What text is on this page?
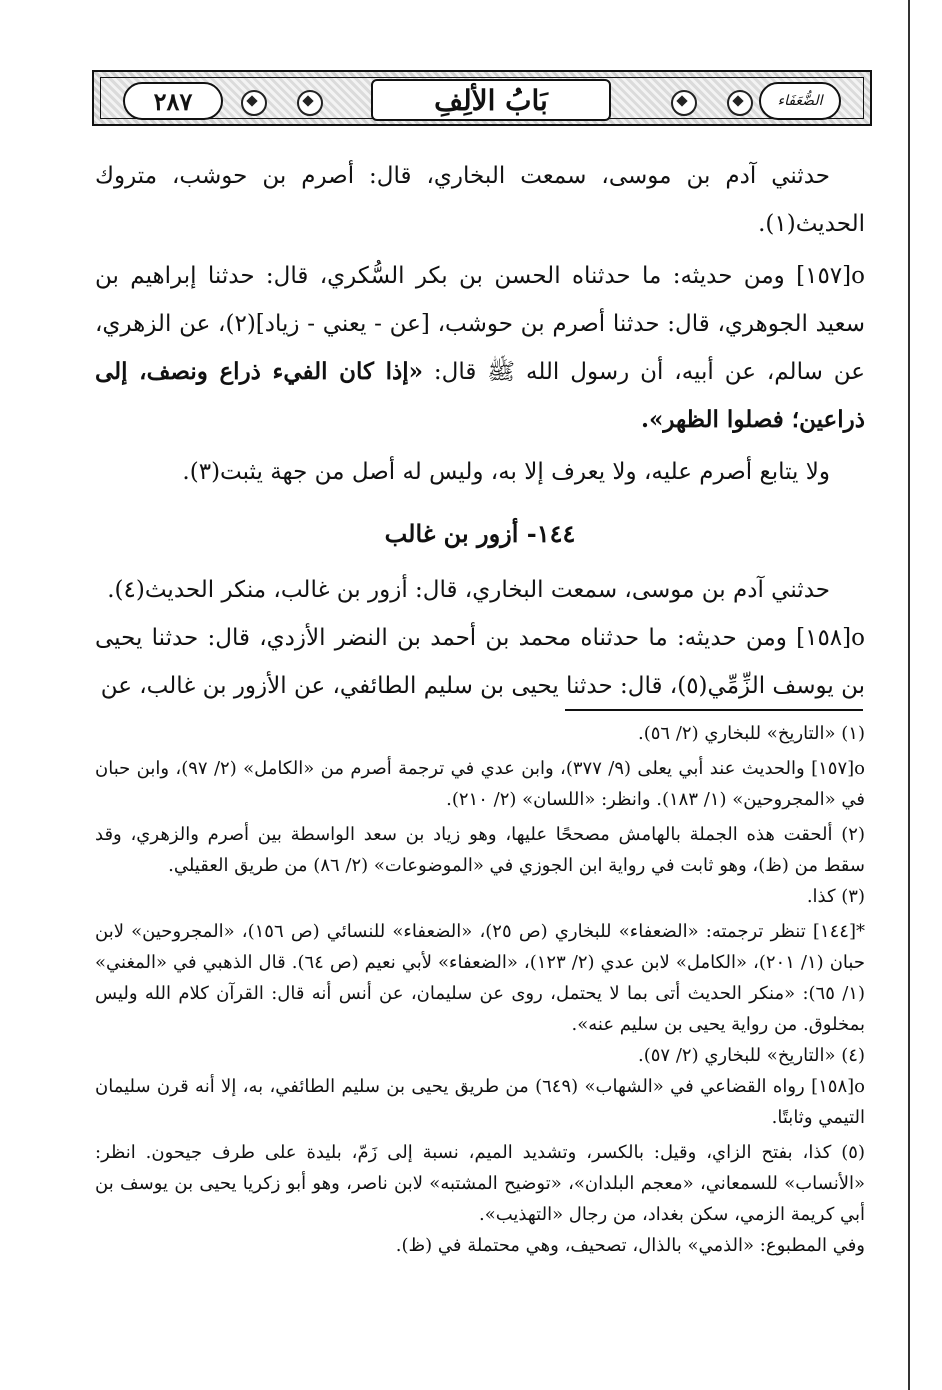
٢٨٧	بَابُ الألِفِ	الضُّعَفَاء

حدثني آدم بن موسى، سمعت البخاري، قال: أصرم بن حوشب، متروك الحديث(١).

o[١٥٧] ومن حديثه: ما حدثناه الحسن بن بكر السُّكري، قال: حدثنا إبراهيم بن سعيد الجوهري، قال: حدثنا أصرم بن حوشب، [عن - يعني - زياد](٢)، عن الزهري، عن سالم، عن أبيه، أن رسول الله ﷺ قال: «إذا كان الفيء ذراع ونصف، إلى ذراعين؛ فصلوا الظهر».

ولا يتابع أصرم عليه، ولا يعرف إلا به، وليس له أصل من جهة يثبت(٣).

١٤٤- أزور بن غالب

حدثني آدم بن موسى، سمعت البخاري، قال: أزور بن غالب، منكر الحديث(٤).

o[١٥٨] ومن حديثه: ما حدثناه محمد بن أحمد بن النضر الأزدي، قال: حدثنا يحيى بن يوسف الزِّمِّي(٥)، قال: حدثنا يحيى بن سليم الطائفي، عن الأزور بن غالب، عن

(١) «التاريخ» للبخاري (٢/ ٥٦).

o[١٥٧] والحديث عند أبي يعلى (٩/ ٣٧٧)، وابن عدي في ترجمة أصرم من «الكامل» (٢/ ٩٧)، وابن حبان في «المجروحين» (١/ ١٨٣). وانظر: «اللسان» (٢/ ٢١٠).

(٢) ألحقت هذه الجملة بالهامش مصححًا عليها، وهو زياد بن سعد الواسطة بين أصرم والزهري، وقد سقط من (ظ)، وهو ثابت في رواية ابن الجوزي في «الموضوعات» (٢/ ٨٦) من طريق العقيلي.

(٣) كذا.

*[١٤٤] تنظر ترجمته: «الضعفاء» للبخاري (ص ٢٥)، «الضعفاء» للنسائي (ص ١٥٦)، «المجروحين» لابن حبان (١/ ٢٠١)، «الكامل» لابن عدي (٢/ ١٢٣)، «الضعفاء» لأبي نعيم (ص ٦٤). قال الذهبي في «المغني» (١/ ٦٥): «منكر الحديث أتى بما لا يحتمل، روى عن سليمان، عن أنس أنه قال: القرآن كلام الله وليس بمخلوق. من رواية يحيى بن سليم عنه».

(٤) «التاريخ» للبخاري (٢/ ٥٧).

o[١٥٨] رواه القضاعي في «الشهاب» (٦٤٩) من طريق يحيى بن سليم الطائفي، به، إلا أنه قرن سليمان التيمي وثابتًا.

(٥) كذا، بفتح الزاي، وقيل: بالكسر، وتشديد الميم، نسبة إلى زَمّ، بليدة على طرف جيحون. انظر: «الأنساب» للسمعاني، «معجم البلدان»، «توضيح المشتبه» لابن ناصر، وهو أبو زكريا يحيى بن يوسف بن أبي كريمة الزمي، سكن بغداد، من رجال «التهذيب».

وفي المطبوع: «الذمي» بالذال، تصحيف، وهي محتملة في (ظ).
